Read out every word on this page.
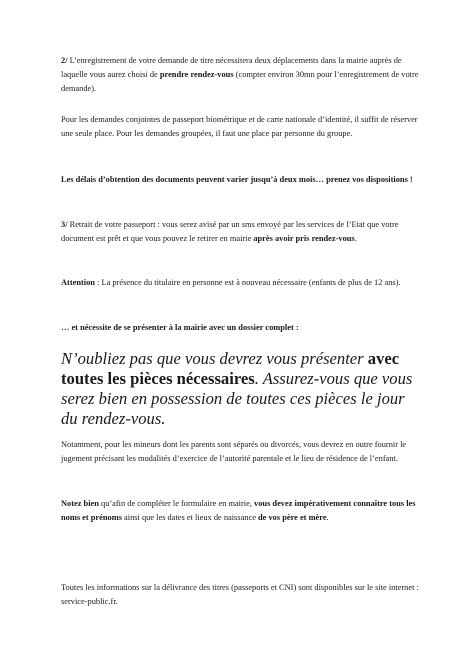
2/ L’enregistrement de votre demande de titre nécessitera deux déplacements dans la mairie auprès de laquelle vous aurez choisi de prendre rendez-vous (compter environ 30mn pour l’enregistrement de votre demande).

Pour les demandes conjointes de passeport biométrique et de carte nationale d’identité, il suffit de réserver une seule place. Pour les demandes groupées, il faut une place par personne du groupe.

Les délais d’obtention des documents peuvent varier jusqu’à deux mois… prenez vos dispositions !

3/ Retrait de votre passeport : vous serez avisé par un sms envoyé par les services de l’Etat que votre document est prêt et que vous pouvez le retirer en mairie après avoir pris rendez-vous.

Attention : La présence du titulaire en personne est à nouveau nécessaire (enfants de plus de 12 ans).

… et nécessite de se présenter à la mairie avec un dossier complet :

N’oubliez pas que vous devrez vous présenter avec toutes les pièces nécessaires. Assurez-vous que vous serez bien en possession de toutes ces pièces le jour du rendez-vous.

Notamment, pour les mineurs dont les parents sont séparés ou divorcés, vous devrez en outre fournir le jugement précisant les modalités d’exercice de l’autorité parentale et le lieu de résidence de l’enfant.

Notez bien qu’afin de compléter le formulaire en mairie, vous devez impérativement connaître tous les noms et prénoms ainsi que les dates et lieux de naissance de vos père et mère.

Toutes les informations sur la délivrance des titres (passeports et CNI) sont disponibles sur le site internet : service-public.fr.
